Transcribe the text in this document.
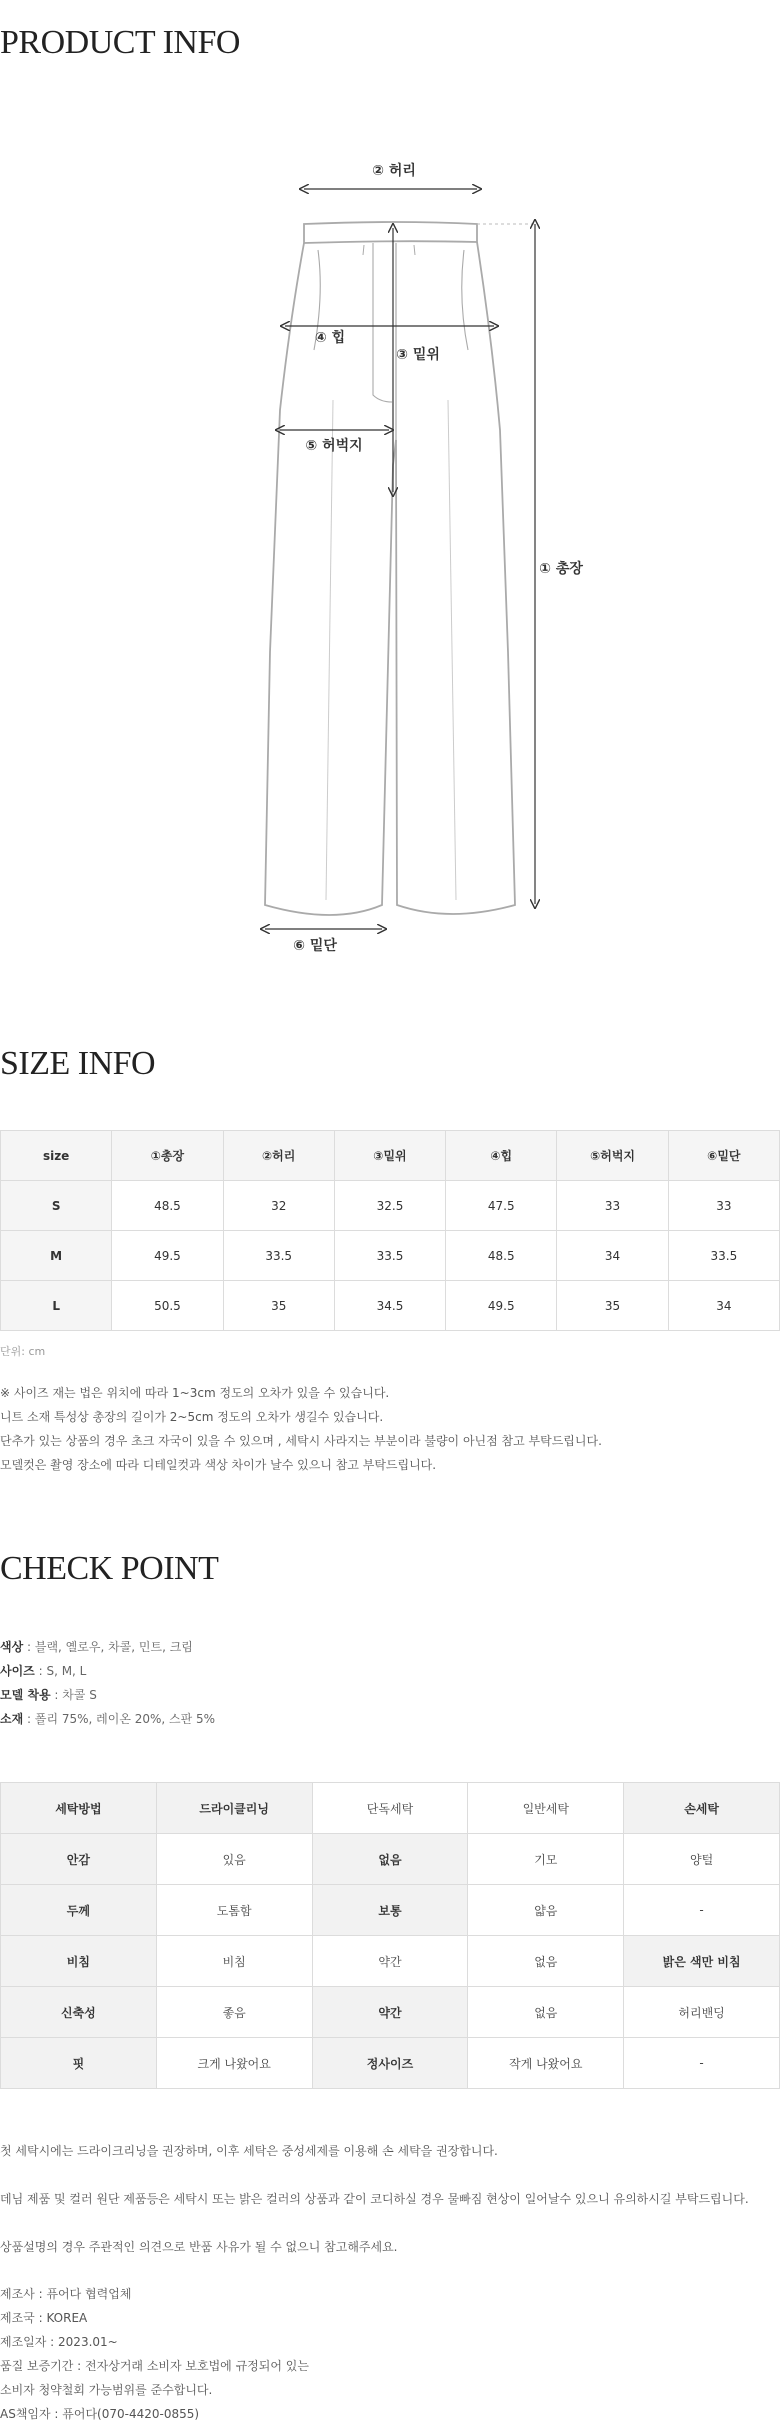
PRODUCT INFO
② 허리
④ 힙
③ 밑위
⑤ 허벅지
① 총장
⑥ 밑단
SIZE INFO
size	①총장	②허리	③밑위	④힙	⑤허벅지	⑥밑단
S	48.5	32	32.5	47.5	33	33
M	49.5	33.5	33.5	48.5	34	33.5
L	50.5	35	34.5	49.5	35	34
단위: cm
※ 사이즈 재는 법은 위치에 따라 1~3cm 정도의 오차가 있을 수 있습니다.
니트 소재 특성상 총장의 길이가 2~5cm 정도의 오차가 생길수 있습니다.
단추가 있는 상품의 경우 초크 자국이 있을 수 있으며 , 세탁시 사라지는 부분이라 불량이 아닌점 참고 부탁드립니다.
모델컷은 촬영 장소에 따라 디테일컷과 색상 차이가 날수 있으니 참고 부탁드립니다.
CHECK POINT
색상 : 블랙, 옐로우, 차콜, 민트, 크림
사이즈 : S, M, L
모델 착용 : 차콜 S
소재 : 폴리 75%, 레이온 20%, 스판 5%
세탁방법	드라이클리닝	단독세탁	일반세탁	손세탁
안감	있음	없음	기모	양털
두께	도톰함	보통	얇음	-
비침	비침	약간	없음	밝은 색만 비침
신축성	좋음	약간	없음	허리밴딩
핏	크게 나왔어요	정사이즈	작게 나왔어요	-
첫 세탁시에는 드라이크리닝을 권장하며, 이후 세탁은 중성세제를 이용해 손 세탁을 권장합니다.
데님 제품 및 컬러 원단 제품등은 세탁시 또는 밝은 컬러의 상품과 같이 코디하실 경우 물빠짐 현상이 일어날수 있으니 유의하시길 부탁드립니다.
상품설명의 경우 주관적인 의견으로 반품 사유가 될 수 없으니 참고해주세요.
제조사 : 퓨어다 협력업체
제조국 : KOREA
제조일자 : 2023.01~
품질 보증기간 : 전자상거래 소비자 보호법에 규정되어 있는
소비자 청약철회 가능범위를 준수합니다.
AS책임자 : 퓨어다(070-4420-0855)
